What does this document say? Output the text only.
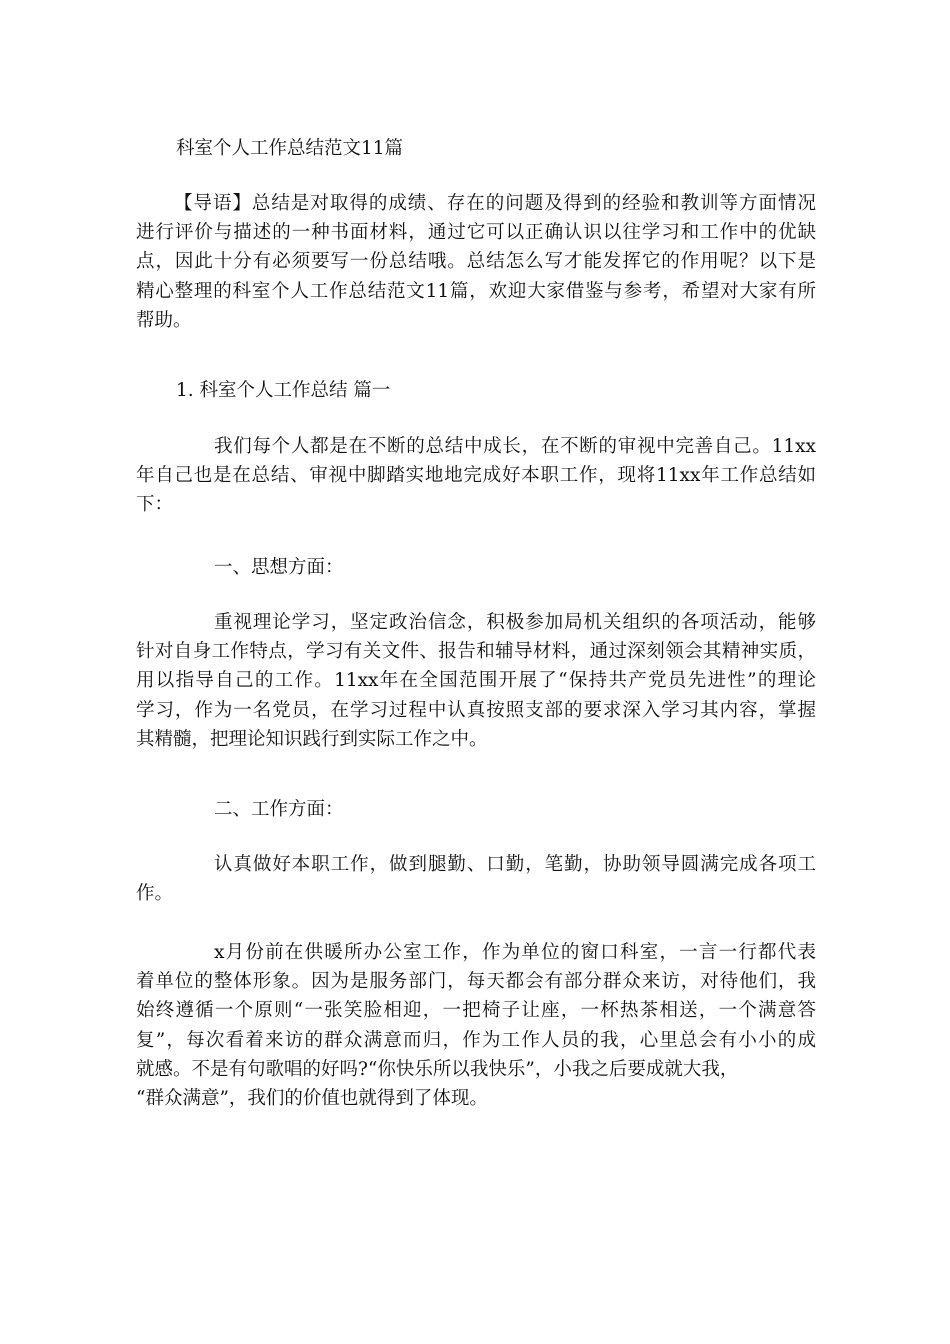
科室个人工作总结范文11篇
【导语】总结是对取得的成绩、存在的问题及得到的经验和教训等方面情况
进行评价与描述的一种书面材料，通过它可以正确认识以往学习和工作中的优缺
点，因此十分有必须要写一份总结哦。总结怎么写才能发挥它的作用呢？以下是
精心整理的科室个人工作总结范文11篇，欢迎大家借鉴与参考，希望对大家有所
帮助。
1. 科室个人工作总结 篇一
我们每个人都是在不断的总结中成长，在不断的审视中完善自己。11xx
年自己也是在总结、审视中脚踏实地地完成好本职工作，现将11xx年工作总结如
下：
一、思想方面：
重视理论学习，坚定政治信念，积极参加局机关组织的各项活动，能够
针对自身工作特点，学习有关文件、报告和辅导材料，通过深刻领会其精神实质，
用以指导自己的工作。11xx年在全国范围开展了“保持共产党员先进性”的理论
学习，作为一名党员，在学习过程中认真按照支部的要求深入学习其内容，掌握
其精髓，把理论知识践行到实际工作之中。
二、工作方面：
认真做好本职工作，做到腿勤、口勤，笔勤，协助领导圆满完成各项工
作。
x月份前在供暖所办公室工作，作为单位的窗口科室，一言一行都代表
着单位的整体形象。因为是服务部门，每天都会有部分群众来访，对待他们，我
始终遵循一个原则“一张笑脸相迎，一把椅子让座，一杯热茶相送，一个满意答
复”，每次看着来访的群众满意而归，作为工作人员的我，心里总会有小小的成
就感。不是有句歌唱的好吗?“你快乐所以我快乐”，小我之后要成就大我，
“群众满意”，我们的价值也就得到了体现。
